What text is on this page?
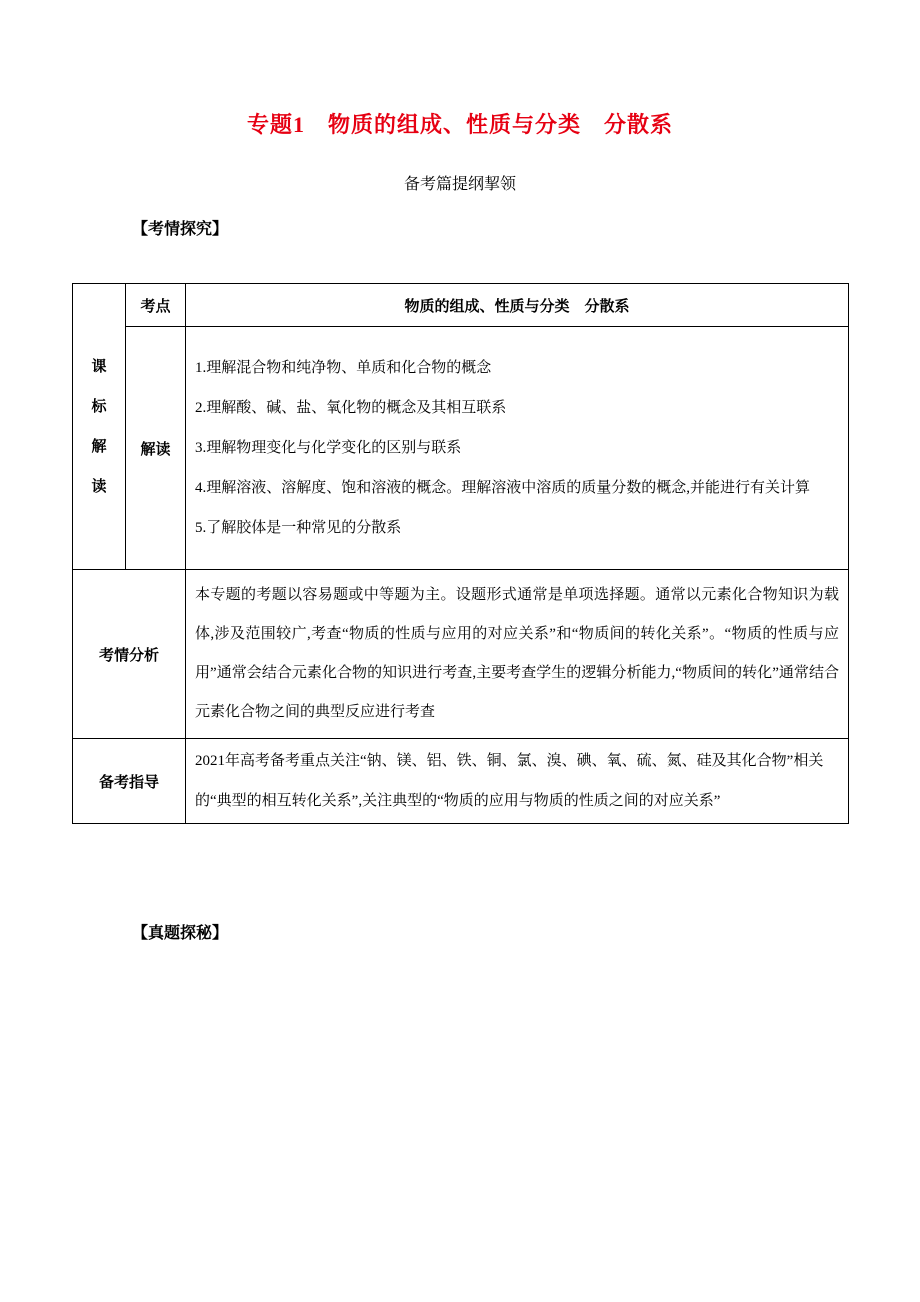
专题1　物质的组成、性质与分类　分散系
备考篇提纲挈领
【考情探究】
课标解读	考点	物质的组成、性质与分类　分散系
	解读	1.理解混合物和纯净物、单质和化合物的概念
2.理解酸、碱、盐、氧化物的概念及其相互联系
3.理解物理变化与化学变化的区别与联系
4.理解溶液、溶解度、饱和溶液的概念。理解溶液中溶质的质量分数的概念,并能进行有关计算
5.了解胶体是一种常见的分散系

考情分析		本专题的考题以容易题或中等题为主。设题形式通常是单项选择题。通常以元素化合物知识为载体,涉及范围较广,考查“物质的性质与应用的对应关系”和“物质间的转化关系”。“物质的性质与应用”通常会结合元素化合物的知识进行考查,主要考查学生的逻辑分析能力,“物质间的转化”通常结合元素化合物之间的典型反应进行考查
备考指导		2021年高考备考重点关注“钠、镁、铝、铁、铜、氯、溴、碘、氧、硫、氮、硅及其化合物”相关的“典型的相互转化关系”,关注典型的“物质的应用与物质的性质之间的对应关系”
【真题探秘】
